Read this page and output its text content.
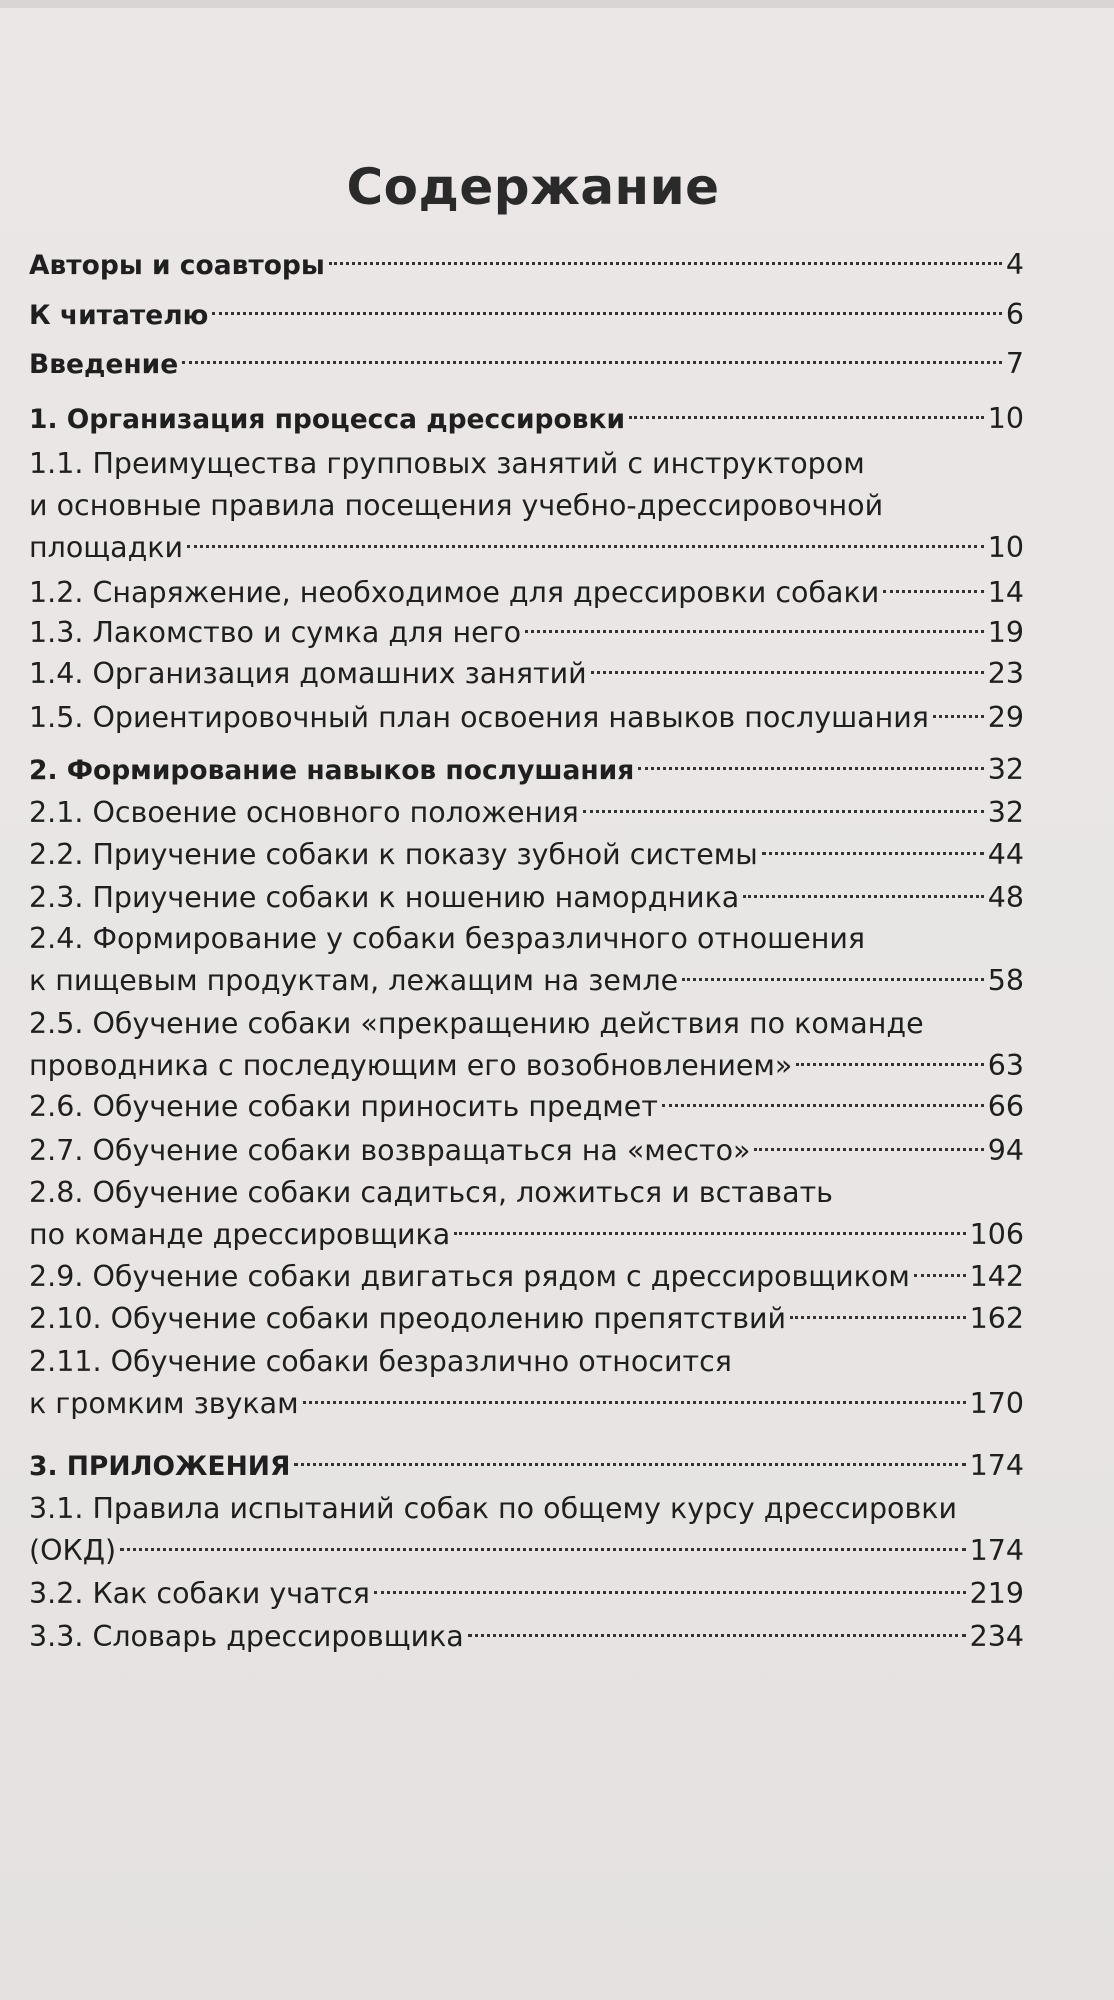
Содержание
Авторы и соавторы	4
К читателю	6
Введение	7
1. Организация процесса дрессировки	10
1.1. Преимущества групповых занятий с инструктором
и основные правила посещения учебно-дрессировочной
площадки	10
1.2. Снаряжение, необходимое для дрессировки собаки	14
1.3. Лакомство и сумка для него	19
1.4. Организация домашних занятий	23
1.5. Ориентировочный план освоения навыков послушания 29
2. Формирование навыков послушания	32
2.1. Освоение основного положения	32
2.2. Приучение собаки к показу зубной системы	44
2.3. Приучение собаки к ношению намордника	48
2.4. Формирование у собаки безразличного отношения
к пищевым продуктам, лежащим на земле	58
2.5. Обучение собаки «прекращению действия по команде
проводника с последующим его возобновлением»	63
2.6. Обучение собаки приносить предмет	66
2.7. Обучение собаки возвращаться на «место»	94
2.8. Обучение собаки садиться, ложиться и вставать
по команде дрессировщика	106
2.9. Обучение собаки двигаться рядом с дрессировщиком 142
2.10. Обучение собаки преодолению препятствий	162
2.11. Обучение собаки безразлично относится
к громким звукам	170
3. ПРИЛОЖЕНИЯ	174
3.1. Правила испытаний собак по общему курсу дрессировки
(ОКД)	174
3.2. Как собаки учатся	219
3.3. Словарь дрессировщика	234
